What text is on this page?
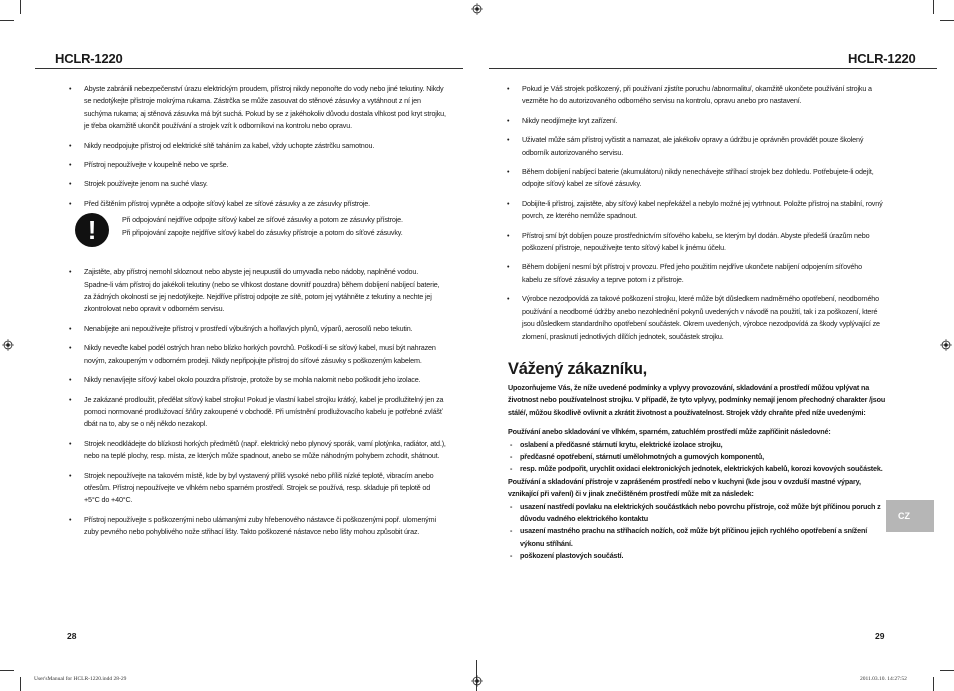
HCLR-1220	HCLR-1220
• Abyste zabránili nebezpečenství úrazu elektrickým proudem, přístroj nikdy neponořte do vody nebo jiné tekutiny. Nikdy se nedotýkejte přístroje mokrýma rukama. Zástrčka se může zasouvat do stěnové zásuvky a vytáhnout z ní jen suchýma rukama; aj stěnová zásuvka má být suchá. Pokud by se z jakéhokoliv důvodu dostala vlhkost pod kryt strojku, je třeba okamžitě ukončit používání a strojek vzít k odborníkovi na kontrolu nebo opravu.

• Nikdy neodpojujte přístroj od elektrické sítě taháním za kabel, vždy uchopte zástrčku samotnou.

• Přístroj nepoužívejte v koupelně nebo ve sprše.

• Strojek používejte jenom na suché vlasy.

• Před čištěním přístroj vypněte a odpojte síťový kabel ze síťové zásuvky a ze zásuvky přístroje.

!	Při odpojování nejdříve odpojte síťový kabel ze síťové zásuvky a potom ze zásuvky přístroje.

Při připojování zapojte nejdříve síťový kabel do zásuvky přístroje a potom do síťové zásuvky.

• Zajistěte, aby přístroj nemohl skloznout nebo abyste jej neupustili do umyvadla nebo nádoby, naplněné vodou. Spadne-li vám přístroj do jakékoli tekutiny (nebo se vlhkost dostane dovnitř pouzdra) během dobíjení nabíjecí baterie, za žádných okolností se jej nedotýkejte. Nejdříve přístroj odpojte ze sítě, potom jej vytáhněte z tekutiny a nechte jej zkontrolovat nebo opravit v odborném servisu.

• Nenabíjejte ani nepoužívejte přístroj v prostředí výbušných a hořlavých plynů, výparů, aerosolů nebo tekutin.

• Nikdy neveďte kabel podél ostrých hran nebo blízko horkých povrchů. Poškodí-li se síťový kabel, musí být nahrazen novým, zakoupeným v odborném prodeji. Nikdy nepřipojujte přístroj do síťové zásuvky s poškozeným kabelem.

• Nikdy nenavíjejte síťový kabel okolo pouzdra přístroje, protože by se mohla nalomit nebo poškodit jeho izolace.

• Je zakázané prodloužit, předělat síťový kabel strojku! Pokud je vlastní kabel strojku krátký, kabel je prodlužitelný jen za pomoci normované prodlužovací šňůry zakoupené v obchodě. Při umístnění prodlužovacího kabelu je potřebné zvlášť dbát na to, aby se o něj někdo nezakopl.

• Strojek neodkládejte do blízkosti horkých předmětů (např. elektrický nebo plynový sporák, vamí plotýnka, radiátor, atd.), nebo na teplé plochy, resp. místa, ze kterých může spadnout, anebo se může náhodným pohybem zchodit, shátnout.

• Strojek nepoužívejte na takovém místě, kde by byl vystavený příliš vysoké nebo příliš nízké teplotě, vibracím anebo otřesům. Přístroj nepoužívejte ve vlhkém nebo sparném prostředí. Strojek se používá, resp. skladuje při teplotě od +5°C do +40°C.

• Přístroj nepoužívejte s poškozenými nebo ulámanými zuby hřebenového nástavce či poškozenými popř. ulomenými zuby pevného nebo pohyblivého nože střihací lišty. Takto poškozené nástavce nebo lišty mohou způsobit úraz.

• Pokud je Váš strojek poškozený, při používaní zjistíte poruchu /abnormalitu/, okamžitě ukončete používání strojku a vezměte ho do autorizovaného odborného servisu na kontrolu, opravu anebo pro nastavení.

• Nikdy neodjímejte kryt zařízení.

• Uživatel může sám přístroj vyčistit a namazat, ale jakékoliv opravy a údržbu je oprávněn provádět pouze školený odborník autorizovaného servisu.

• Během dobíjení nabíjecí baterie (akumulátoru) nikdy nenechávejte stříhací strojek bez dohledu. Potřebujete-li odejít, odpojte síťový kabel ze síťové zásuvky.

• Dobijíte-li přístroj, zajistěte, aby síťový kabel nepřekážel a nebylo možné jej vytrhnout. Položte přístroj na stabilní, rovný povrch, ze kterého nemůže spadnout.

• Přístroj smí být dobíjen pouze prostřednictvím síťového kabelu, se kterým byl dodán. Abyste předešli úrazům nebo poškození přístroje, nepoužívejte tento síťový kabel k jinému účelu.

• Během dobíjení nesmí být přístroj v provozu. Před jeho použitím nejdříve ukončete nabíjení odpojením síťového kabelu ze síťové zásuvky a teprve potom i z přístroje.

• Výrobce nezodpovídá za takové poškození strojku, které může být důsledkem nadměrného opotřebení, neodborného používání a neodborné údržby anebo nezohlednění pokynů uvedených v návodě na použití, tak i za poškození, které jsou důsledkem standardního opotřebení součástek. Okrem uvedených, výrobce nezodpovídá za škody vyplývající ze zlomení, prasknutí jednotlivých dílčích jednotek, součástek strojku.

Vážený zákazníku,

Upozorňujeme Vás, že níže uvedené podmínky a vplyvy provozování, skladování a prostředí můžou vplývat na životnost nebo používatelnost strojku. V případě, že tyto vplyvy, podmínky nemají jenom přechodný charakter /jsou stálé/, můžou škodlivě ovlivnit a zkrátit životnost a používatelnost. Strojek vždy chraňte před níže uvedenými:

Používání anebo skladování ve vlhkém, sparném, zatuchlém prostředí může zapříčinit následovné:

- oslabení a předčasné stárnutí krytu, elektrické izolace strojku,
- předčasné opotřebení, stárnutí umělohmotných a gumových komponentů,
- resp. může podpořit, urychlit oxidaci elektronických jednotek, elektrických kabelů, korozi kovových součástek.

Používání a skladování přístroje v zaprášeném prostředí nebo v kuchyni (kde jsou v ovzduší mastné výpary, vznikající při vaření) či v jinak znečištěném prostředí může mít za následek:

- usazení nastředí povlaku na elektrických součástkách nebo povrchu přístroje, což může být příčinou poruch z důvodu vadného elektrického kontaktu
- usazení mastného prachu na stříhacích nožích, což může být příčinou jejich rychlého opotřebení a snížení výkonu stříhání.
- poškození plastových součástí.
CZ
28	29
User'sManual for HCLR-1220.indd 28-29	2011.03.10. 14:27:52
